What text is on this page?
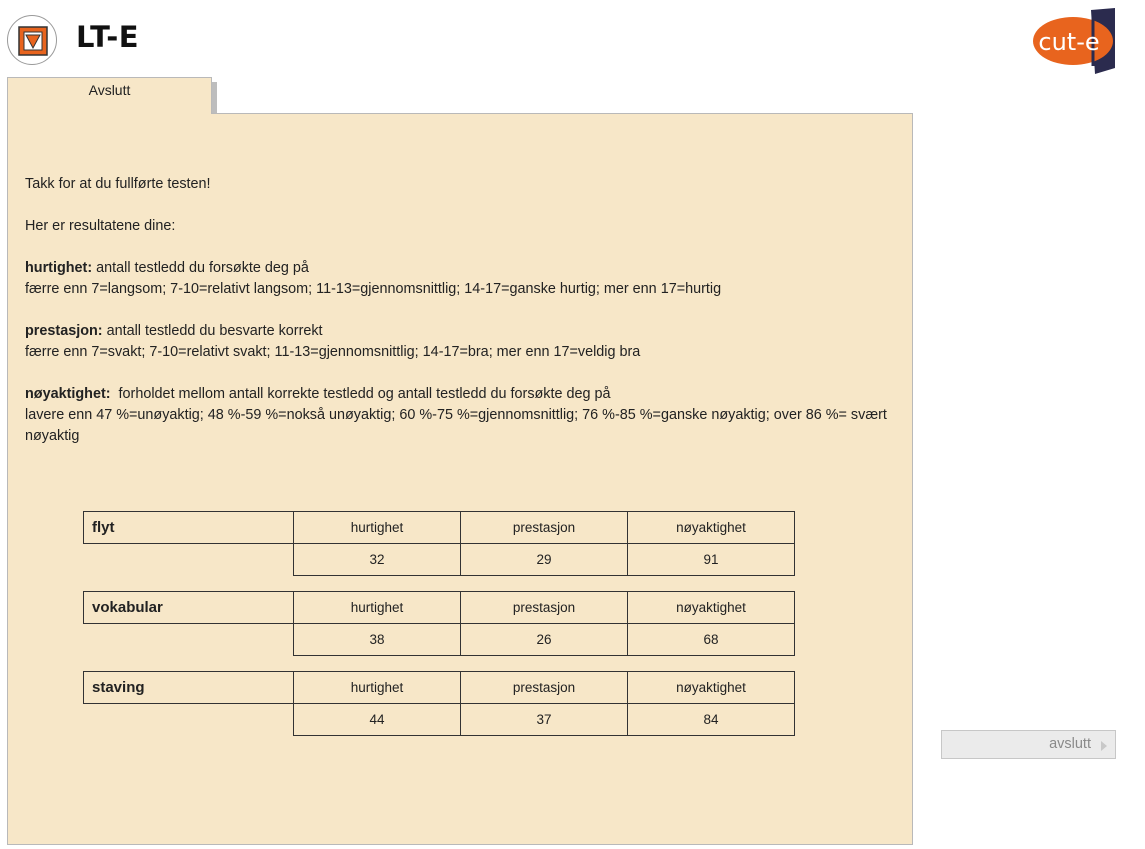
LT-E	cut-e
Avslutt

Takk for at du fullførte testen!

Her er resultatene dine:

hurtighet: antall testledd du forsøkte deg på
færre enn 7=langsom; 7-10=relativt langsom; 11-13=gjennomsnittlig; 14-17=ganske hurtig; mer enn 17=hurtig

prestasjon: antall testledd du besvarte korrekt
færre enn 7=svakt; 7-10=relativt svakt; 11-13=gjennomsnittlig; 14-17=bra; mer enn 17=veldig bra

nøyaktighet:  forholdet mellom antall korrekte testledd og antall testledd du forsøkte deg på
lavere enn 47 %=unøyaktig; 48 %-59 %=nokså unøyaktig; 60 %-75 %=gjennomsnittlig; 76 %-85 %=ganske nøyaktig; over 86 %= svært nøyaktig

flyt	hurtighet	prestasjon	nøyaktighet
	32	29	91
vokabular	hurtighet	prestasjon	nøyaktighet
	38	26	68
staving	hurtighet	prestasjon	nøyaktighet
	44	37	84
avslutt
